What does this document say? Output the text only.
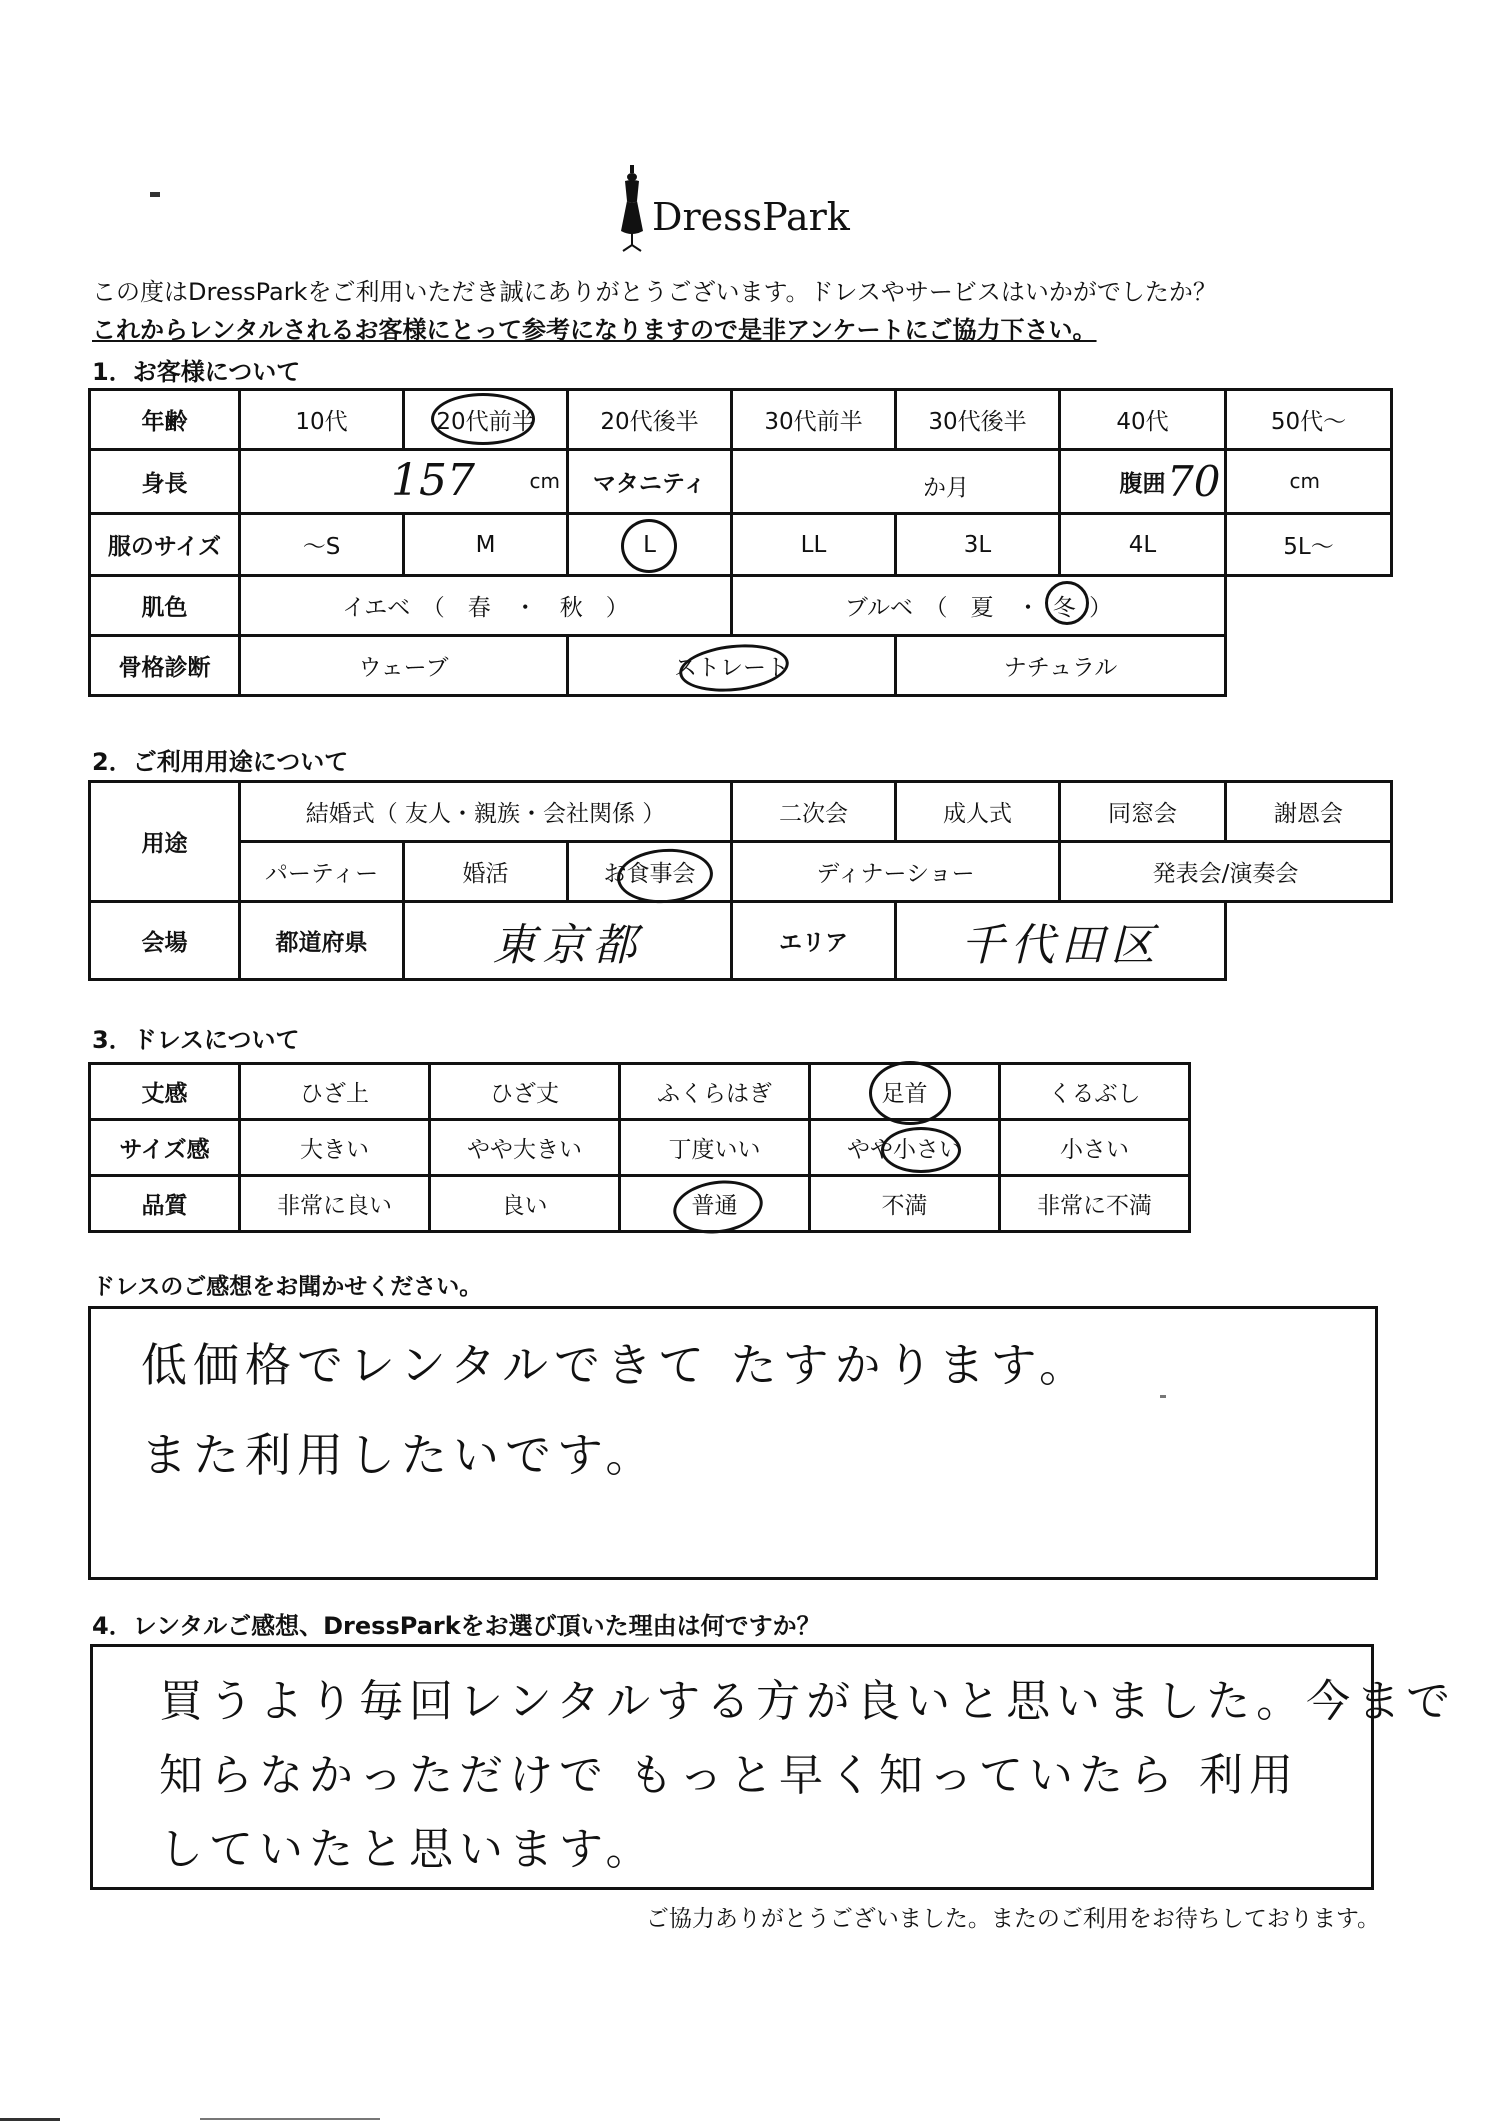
DressPark
この度はDressParkをご利用いただき誠にありがとうございます。ドレスやサービスはいかがでしたか？
これからレンタルされるお客様にとって参考になりますので是非アンケートにご協力下さい。
1．お客様について
年齢	10代	20代前半	20代後半	30代前半	30代後半	40代	50代～
身長	157 cm		マタニティ	か月		腹囲	70 cm

服のサイズ	～S	M	L	LL	3L	4L	5L～
肌色	イエベ　（　春　・　秋　）			ブルベ　（　夏　・ 冬 ）			
骨格診断	ウェーブ		ストレート		ナチュラル		
2．ご利用用途について
用途	結婚式（ 友人・親族・会社関係 ）			二次会	成人式	同窓会	謝恩会
	パーティー	婚活	お食事会	ディナーショー		発表会/演奏会	
会場	都道府県	東京都		エリア	千代田区		
3．ドレスについて
丈感	ひざ上	ひざ丈	ふくらはぎ	足首	くるぶし
サイズ感	大きい	やや大きい	丁度いい	やや小さい	小さい
品質	非常に良い	良い	普通	不満	非常に不満
ドレスのご感想をお聞かせください。
低価格でレンタルできて たすかります。
また利用したいです。
4．レンタルご感想、DressParkをお選び頂いた理由は何ですか？
買うより毎回レンタルする方が良いと思いました。今まで
知らなかっただけで もっと早く知っていたら 利用
していたと思います。
ご協力ありがとうございました。またのご利用をお待ちしております。
